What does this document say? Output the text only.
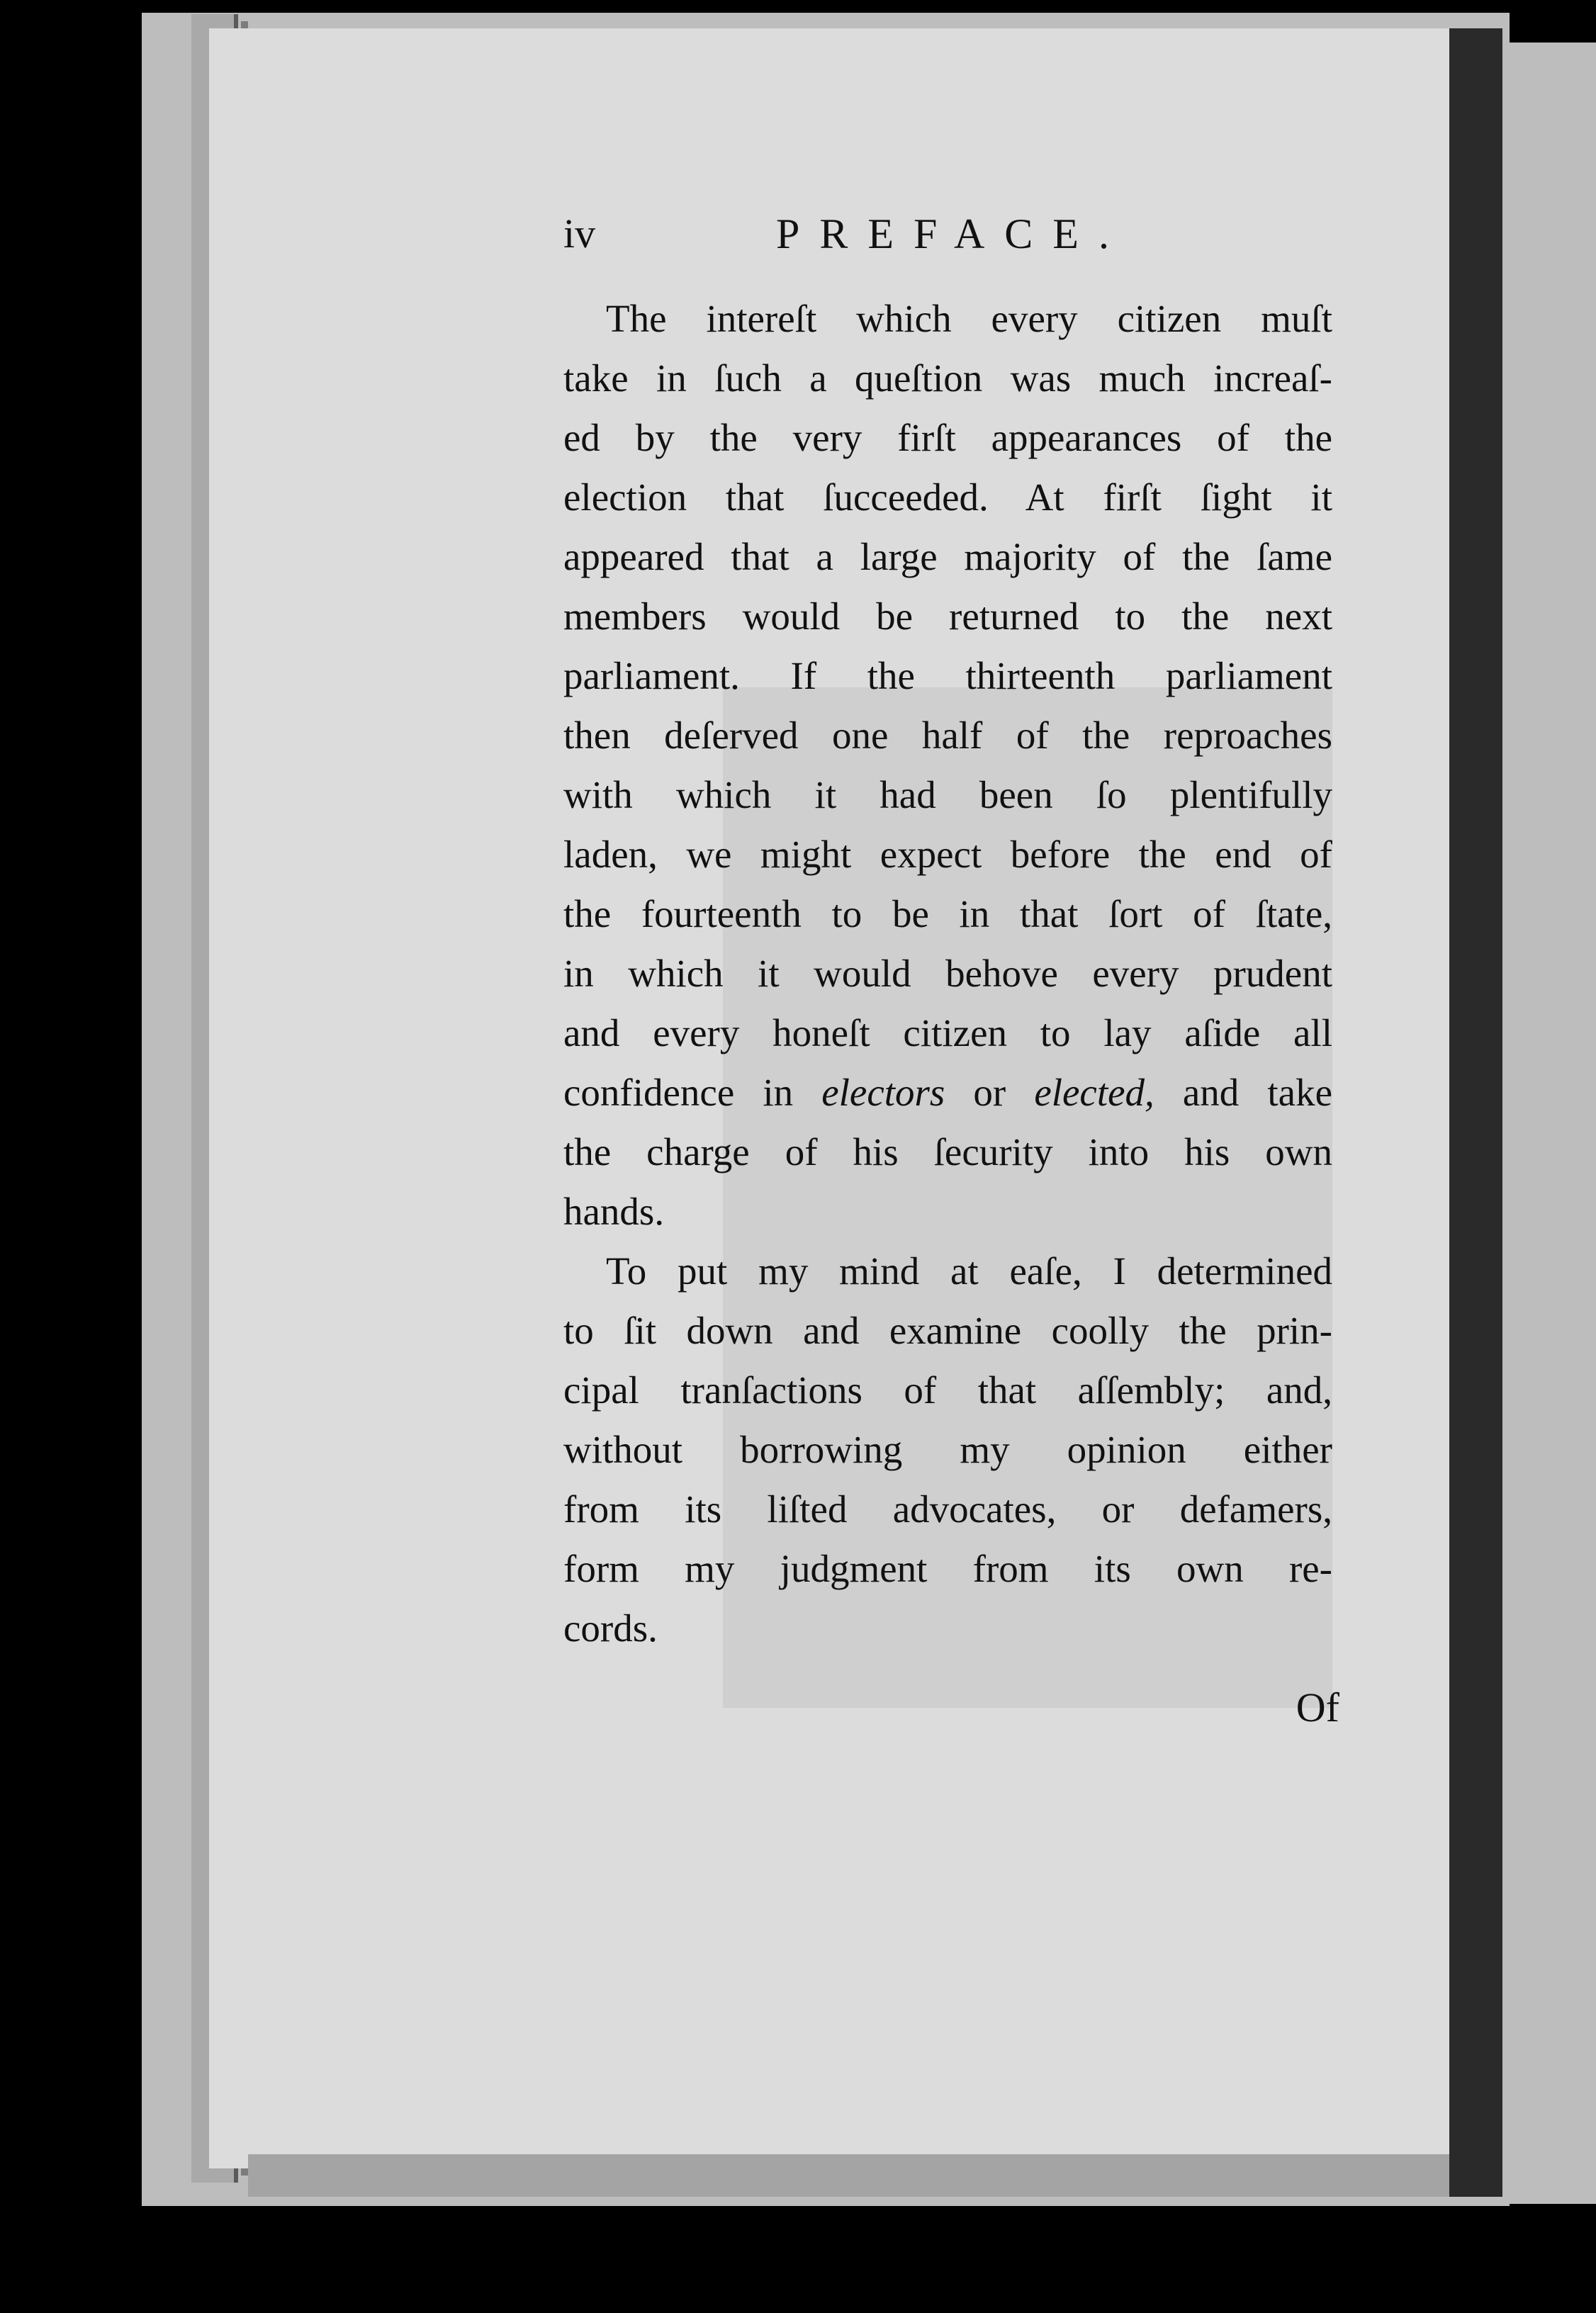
iv	PREFACE.
The intereſt which every citizen muſt
take in ſuch a queſtion was much increaſ-
ed by the very firſt appearances of the
election that ſucceeded. At firſt ſight it
appeared that a large majority of the ſame
members would be returned to the next
parliament. If the thirteenth parliament
then deſerved one half of the reproaches
with which it had been ſo plentifully
laden, we might expect before the end of
the fourteenth to be in that ſort of ſtate,
in which it would behove every prudent
and every honeſt citizen to lay aſide all
confidence in electors or elected, and take
the charge of his ſecurity into his own
hands.
To put my mind at eaſe, I determined
to ſit down and examine coolly the prin-
cipal tranſactions of that aſſembly; and,
without borrowing my opinion either
from its liſted advocates, or defamers,
form my judgment from its own re-
cords.
Of
